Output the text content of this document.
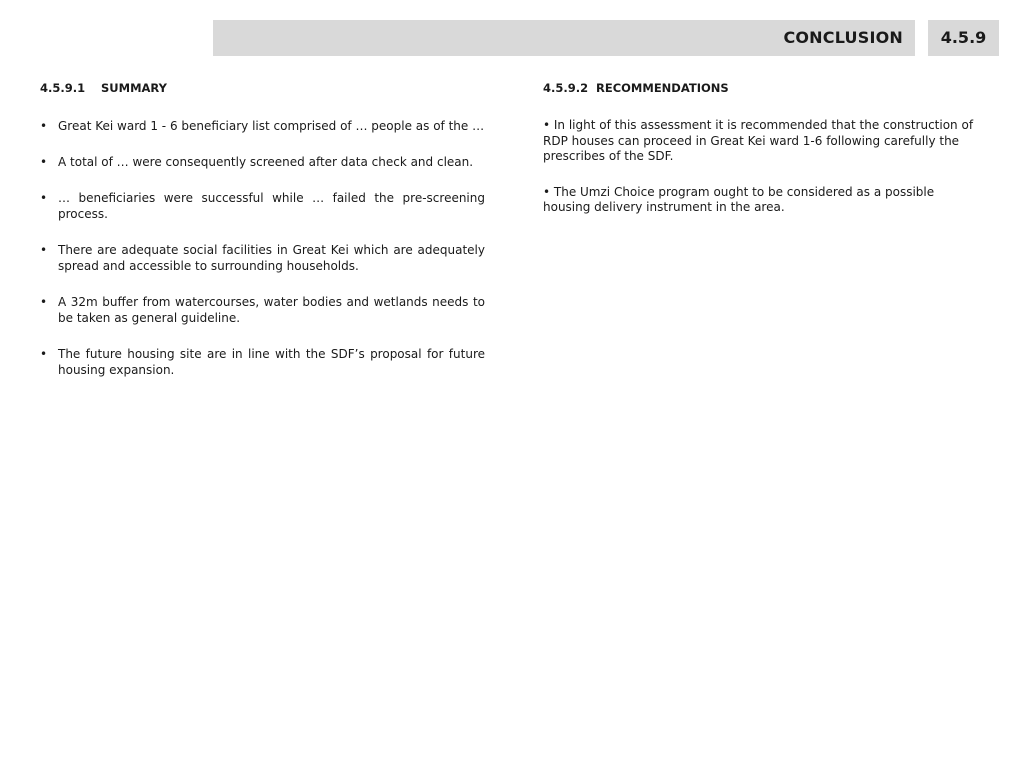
CONCLUSION	4.5.9
4.5.9.1 SUMMARY
• Great Kei ward 1 - 6 beneficiary list comprised of … people as of the …
• A total of … were consequently screened after data check and clean.
• … beneficiaries were successful while … failed the pre-screening process.
• There are adequate social facilities in Great Kei which are adequately spread and accessible to surrounding households.
• A 32m buffer from watercourses, water bodies and wetlands needs to be taken as general guideline.
• The future housing site are in line with the SDF’s proposal for future housing expansion.
4.5.9.2 RECOMMENDATIONS

• In light of this assessment it is recommended that the construction of RDP houses can proceed in Great Kei ward 1-6 following carefully the prescribes of the SDF.

• The Umzi Choice program ought to be considered as a possible housing delivery instrument in the area.
